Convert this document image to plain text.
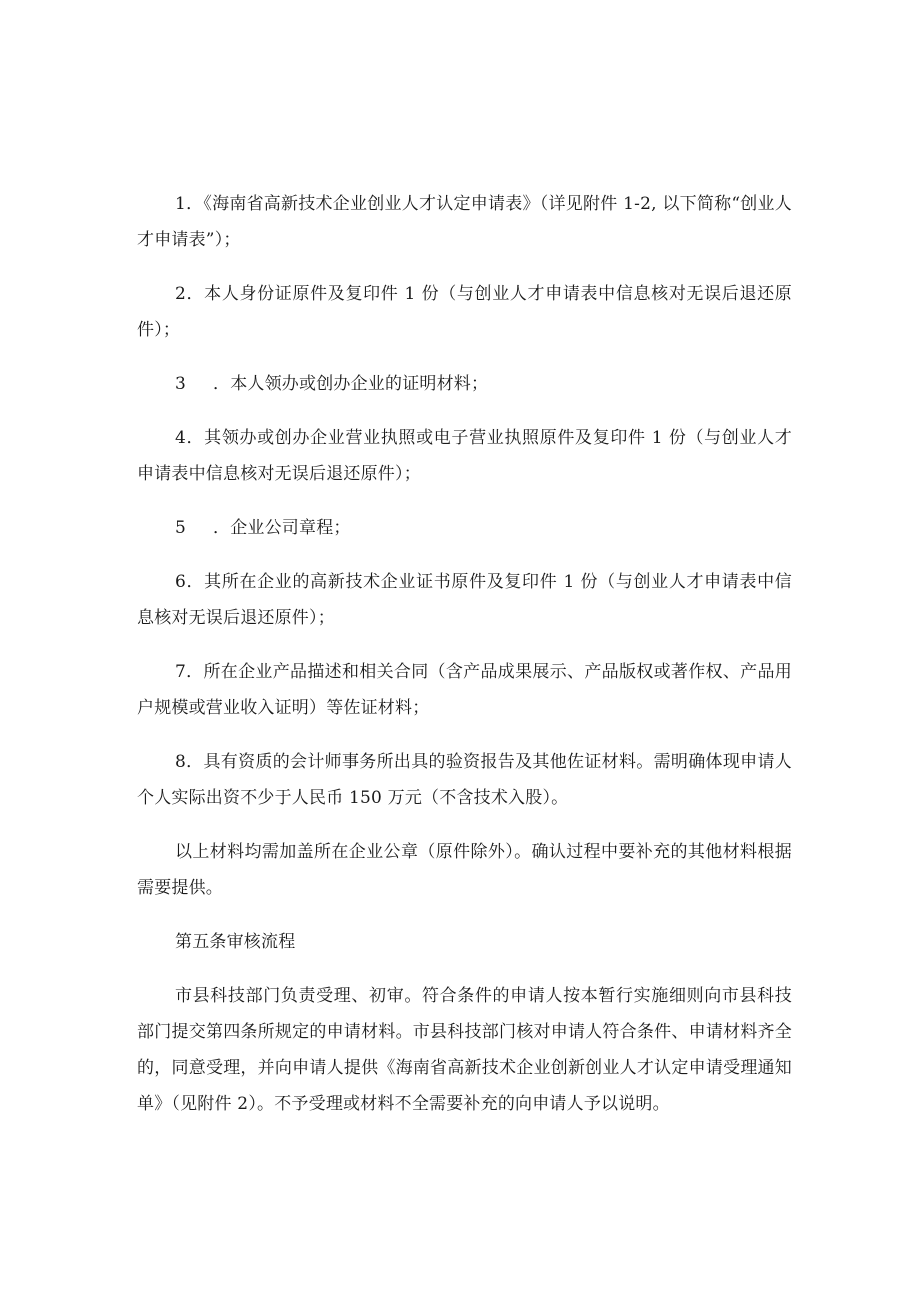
1．《海南省高新技术企业创业人才认定申请表》（详见附件 1-2, 以下简称“创业人才申请表”）；

2．本人身份证原件及复印件 1 份（与创业人才申请表中信息核对无误后退还原件）；

3 ．本人领办或创办企业的证明材料；

4．其领办或创办企业营业执照或电子营业执照原件及复印件 1 份（与创业人才申请表中信息核对无误后退还原件）；

5 ．企业公司章程；

6．其所在企业的高新技术企业证书原件及复印件 1 份（与创业人才申请表中信息核对无误后退还原件）；

7．所在企业产品描述和相关合同（含产品成果展示、产品版权或著作权、产品用户规模或营业收入证明）等佐证材料；

8．具有资质的会计师事务所出具的验资报告及其他佐证材料。需明确体现申请人个人实际出资不少于人民币 150 万元（不含技术入股）。

以上材料均需加盖所在企业公章（原件除外）。确认过程中要补充的其他材料根据需要提供。

第五条审核流程

市县科技部门负责受理、初审。符合条件的申请人按本暂行实施细则向市县科技部门提交第四条所规定的申请材料。市县科技部门核对申请人符合条件、申请材料齐全的，同意受理，并向申请人提供《海南省高新技术企业创新创业人才认定申请受理通知单》（见附件 2）。不予受理或材料不全需要补充的向申请人予以说明。
